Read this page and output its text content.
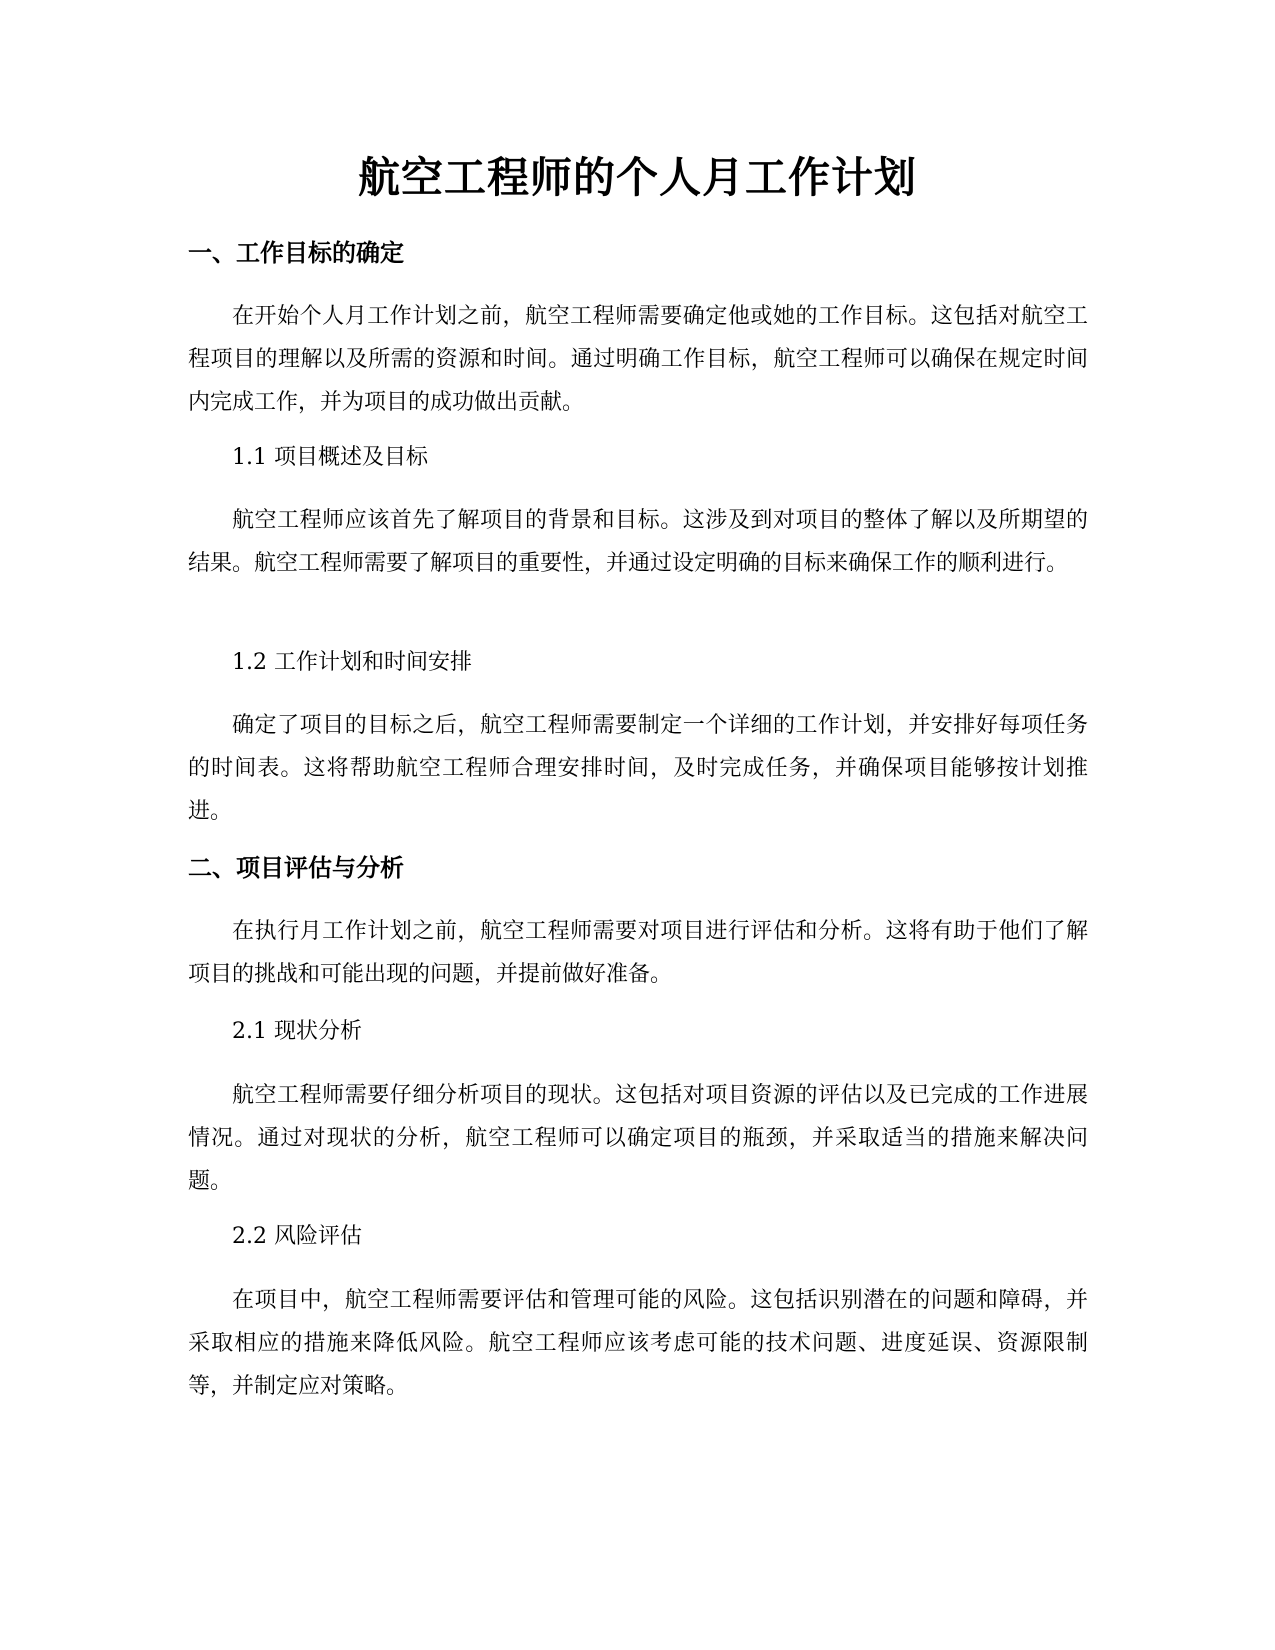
航空工程师的个人月工作计划
一、工作目标的确定

在开始个人月工作计划之前，航空工程师需要确定他或她的工作目标。这包括对航空工程项目的理解以及所需的资源和时间。通过明确工作目标，航空工程师可以确保在规定时间内完成工作，并为项目的成功做出贡献。

1.1 项目概述及目标

航空工程师应该首先了解项目的背景和目标。这涉及到对项目的整体了解以及所期望的结果。航空工程师需要了解项目的重要性，并通过设定明确的目标来确保工作的顺利进行。

1.2 工作计划和时间安排

确定了项目的目标之后，航空工程师需要制定一个详细的工作计划，并安排好每项任务的时间表。这将帮助航空工程师合理安排时间，及时完成任务，并确保项目能够按计划推进。

二、项目评估与分析

在执行月工作计划之前，航空工程师需要对项目进行评估和分析。这将有助于他们了解项目的挑战和可能出现的问题，并提前做好准备。

2.1 现状分析

航空工程师需要仔细分析项目的现状。这包括对项目资源的评估以及已完成的工作进展情况。通过对现状的分析，航空工程师可以确定项目的瓶颈，并采取适当的措施来解决问题。

2.2 风险评估

在项目中，航空工程师需要评估和管理可能的风险。这包括识别潜在的问题和障碍，并采取相应的措施来降低风险。航空工程师应该考虑可能的技术问题、进度延误、资源限制等，并制定应对策略。
